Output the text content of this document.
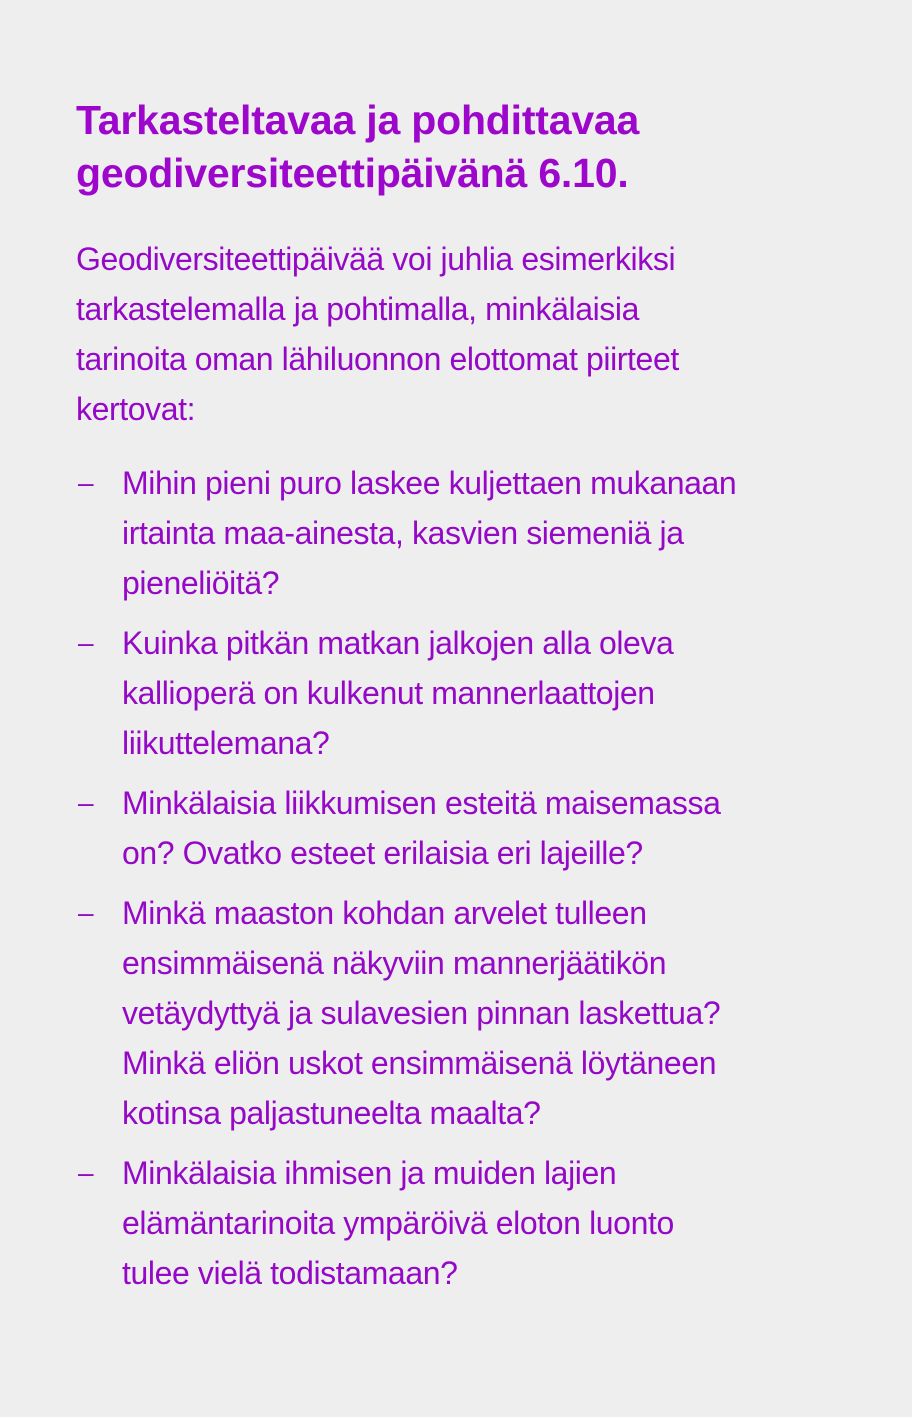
Tarkasteltavaa ja pohdittavaa
geodiversiteettipäivänä 6.10.

Geodiversiteettipäivää voi juhlia esimerkiksi
tarkastelemalla ja pohtimalla, minkälaisia
tarinoita oman lähiluonnon elottomat piirteet
kertovat:

– Mihin pieni puro laskee kuljettaen mukanaan
irtainta maa-ainesta, kasvien siemeniä ja
pieneliöitä?
– Kuinka pitkän matkan jalkojen alla oleva
kallioperä on kulkenut mannerlaattojen
liikuttelemana?
– Minkälaisia liikkumisen esteitä maisemassa
on? Ovatko esteet erilaisia eri lajeille?
– Minkä maaston kohdan arvelet tulleen
ensimmäisenä näkyviin mannerjäätikön
vetäydyttyä ja sulavesien pinnan laskettua?
Minkä eliön uskot ensimmäisenä löytäneen
kotinsa paljastuneelta maalta?
– Minkälaisia ihmisen ja muiden lajien
elämäntarinoita ympäröivä eloton luonto
tulee vielä todistamaan?
